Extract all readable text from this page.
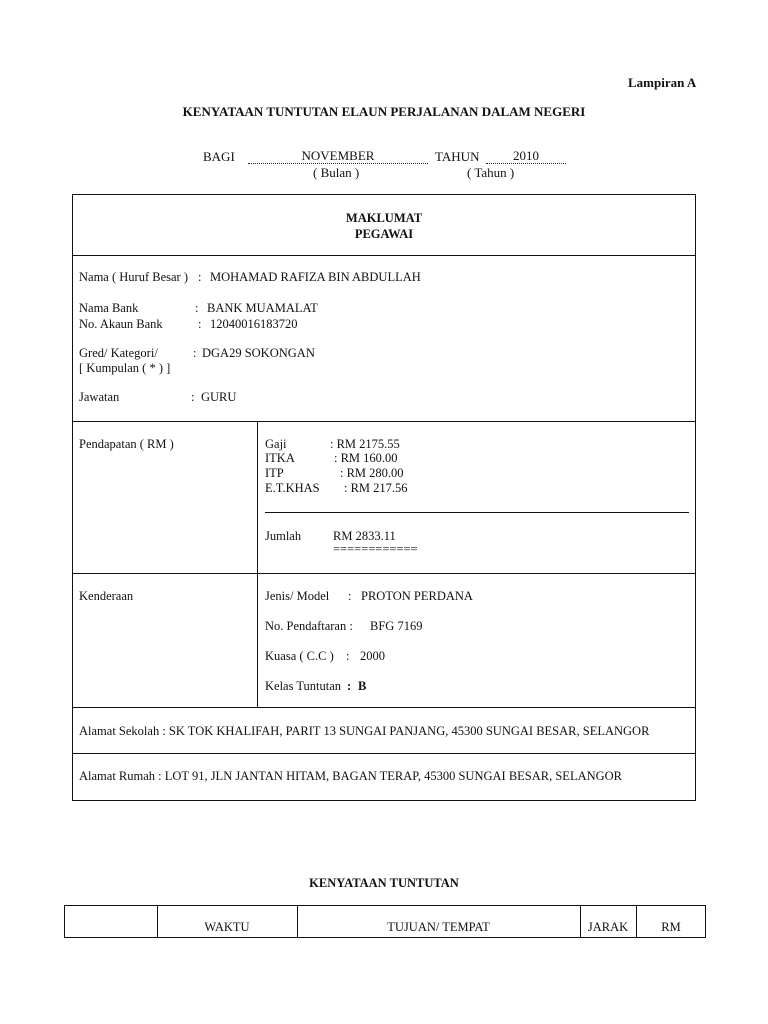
Lampiran A
KENYATAAN TUNTUTAN ELAUN PERJALANAN DALAM NEGERI
BAGI	NOVEMBER	TAHUN	2010
( Bulan )	( Tahun )
MAKLUMAT
PEGAWAI
Nama ( Huruf Besar ) : MOHAMAD RAFIZA BIN ABDULLAH
Nama Bank	: BANK MUAMALAT
No. Akaun Bank	: 12040016183720
Gred/ Kategori/	: DGA29 SOKONGAN
[ Kumpulan ( * ) ]
Jawatan	: GURU
Pendapatan ( RM )	Gaji	: RM 2175.55
ITKA	: RM 160.00
ITP	: RM 280.00
E.T.KHAS : RM 217.56
Jumlah	RM 2833.11
============
Kenderaan	Jenis/ Model : PROTON PERDANA
No. Pendaftaran : BFG 7169
Kuasa ( C.C ) : 2000
Kelas Tuntutan : B
Alamat Sekolah : SK TOK KHALIFAH, PARIT 13 SUNGAI PANJANG, 45300 SUNGAI BESAR, SELANGOR
Alamat Rumah : LOT 91, JLN JANTAN HITAM, BAGAN TERAP, 45300 SUNGAI BESAR, SELANGOR
KENYATAAN TUNTUTAN
WAKTU	TUJUAN/ TEMPAT	JARAK	RM
